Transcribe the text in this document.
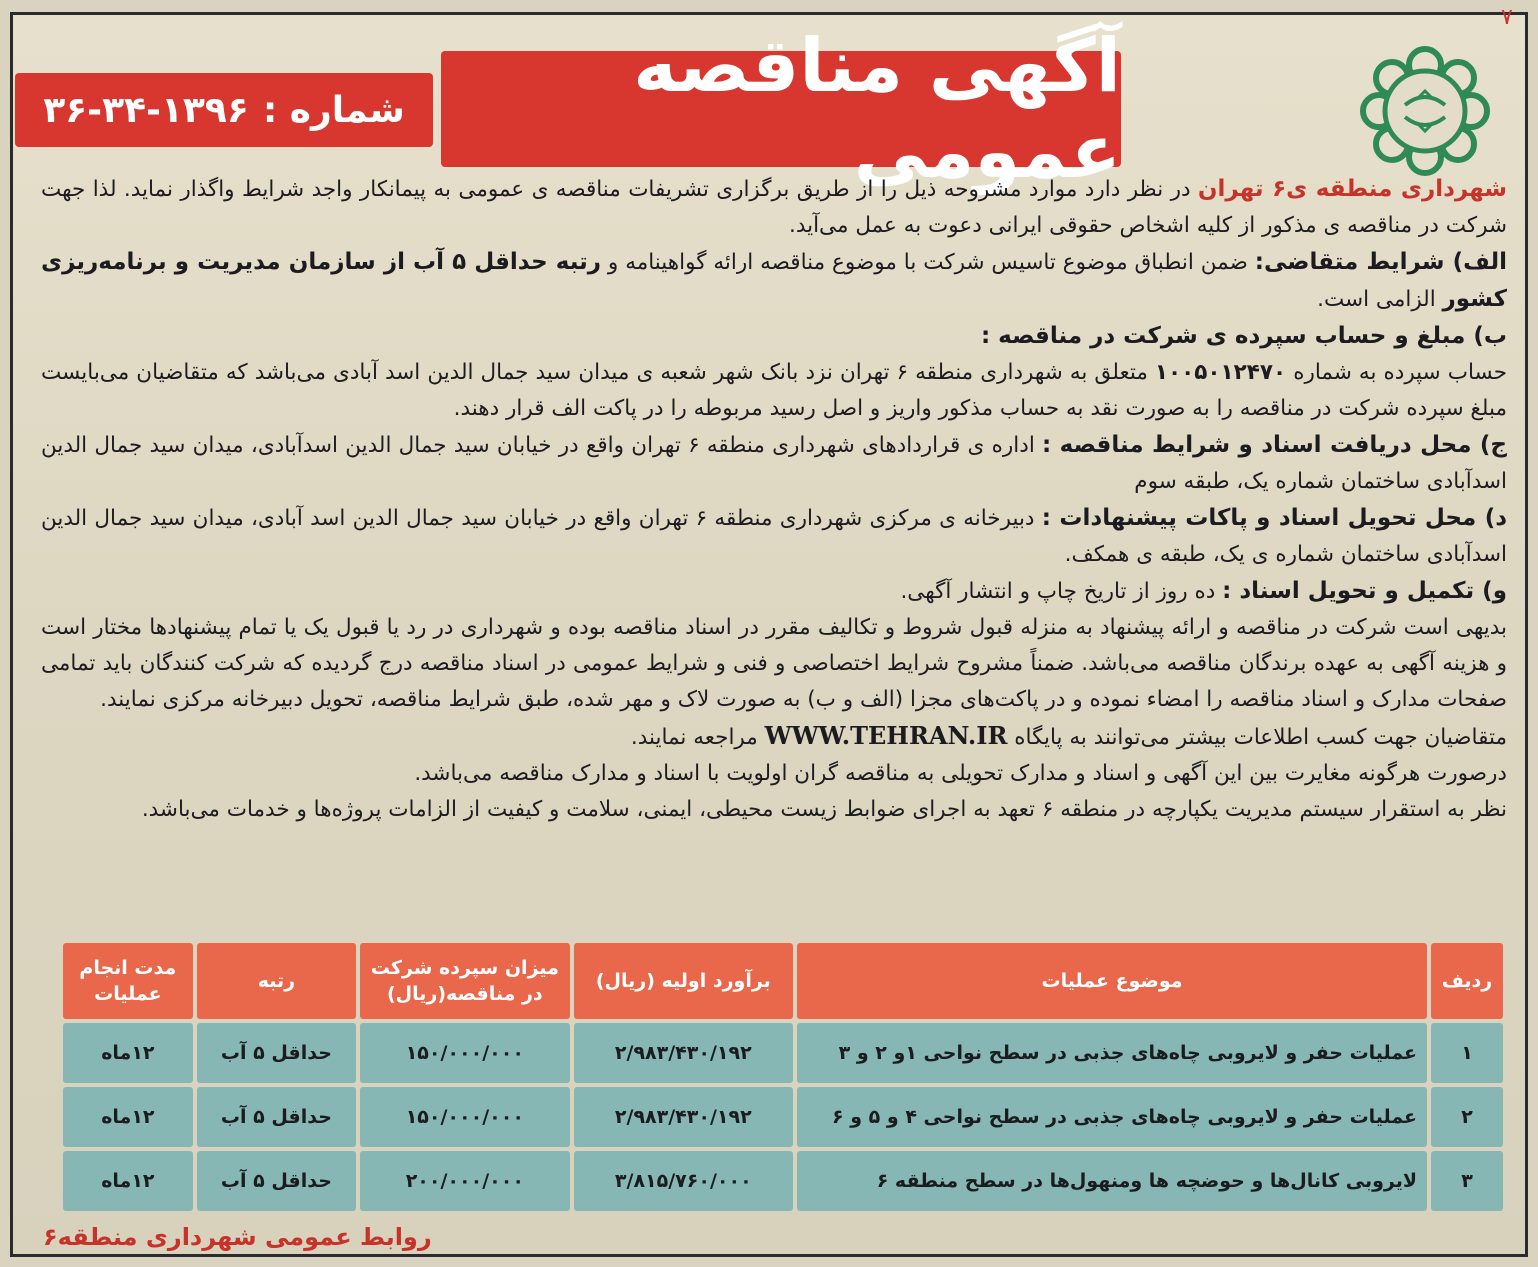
٧
شماره :
۳۶-۳۴-۱۳۹۶
آگهی مناقصه عمومی	شهرداری منطقه ی۶ تهران در نظر دارد موارد مشروحه ذیل را از طریق برگزاری تشریفات مناقصه ی عمومی به پیمانکار واجد شرایط واگذار نماید. لذا جهت شرکت در مناقصه ی مذکور از کلیه اشخاص حقوقی ایرانی دعوت به عمل می‌آید.

الف) شرایط متقاضی: ضمن انطباق موضوع تاسیس شرکت با موضوع مناقصه ارائه گواهینامه و رتبه حداقل ۵ آب از سازمان مدیریت و برنامه‌ریزی کشور الزامی است.

ب) مبلغ و حساب سپرده ی شرکت در مناقصه :
حساب سپرده به شماره ۱۰۰۵۰۱۲۴۷۰ متعلق به شهرداری منطقه ۶ تهران نزد بانک شهر شعبه ی میدان سید جمال الدین اسد آبادی می‌باشد که متقاضیان می‌بایست مبلغ سپرده شرکت در مناقصه را به صورت نقد به حساب مذکور واریز و اصل رسید مربوطه را در پاکت الف قرار دهند.

ج) محل دریافت اسناد و شرایط مناقصه : اداره ی قراردادهای شهرداری منطقه ۶ تهران واقع در خیابان سید جمال الدین اسدآبادی، میدان سید جمال الدین اسدآبادی ساختمان شماره یک، طبقه سوم

د) محل تحویل اسناد و پاکات پیشنهادات : دبیرخانه ی مرکزی شهرداری منطقه ۶ تهران واقع در خیابان سید جمال الدین اسد آبادی، میدان سید جمال الدین اسدآبادی ساختمان شماره ی یک، طبقه ی همکف.

و) تکمیل و تحویل اسناد : ده روز از تاریخ چاپ و انتشار آگهی.

بدیهی است شرکت در مناقصه و ارائه پیشنهاد به منزله قبول شروط و تکالیف مقرر در اسناد مناقصه بوده و شهرداری در رد یا قبول یک یا تمام پیشنهادها مختار است و هزینه آگهی به عهده برندگان مناقصه می‌باشد. ضمناً مشروح شرایط اختصاصی و فنی و شرایط عمومی در اسناد مناقصه درج گردیده که شرکت کنندگان باید تمامی صفحات مدارک و اسناد مناقصه را امضاء نموده و در پاکت‌های مجزا (الف و ب) به صورت لاک و مهر شده، طبق شرایط مناقصه، تحویل دبیرخانه مرکزی نمایند.

متقاضیان جهت کسب اطلاعات بیشتر می‌توانند به پایگاه WWW.TEHRAN.IR مراجعه نمایند.

درصورت هرگونه مغایرت بین این آگهی و اسناد و مدارک تحویلی به مناقصه گران اولویت با اسناد و مدارک مناقصه می‌باشد.

نظر به استقرار سیستم مدیریت یکپارچه در منطقه ۶ تعهد به اجرای ضوابط زیست محیطی، ایمنی، سلامت و کیفیت از الزامات پروژه‌ها و خدمات می‌باشد.

ردیف	موضوع عملیات	برآورد اولیه (ریال)	میزان سپرده شرکت در مناقصه(ریال)	رتبه	مدت انجام عملیات
۱	عملیات حفر و لایروبی چاه‌های جذبی در سطح نواحی ۱و ۲ و ۳	۲/۹۸۳/۴۳۰/۱۹۲	۱۵۰/۰۰۰/۰۰۰	حداقل ۵ آب	۱۲ماه
۲	عملیات حفر و لایروبی چاه‌های جذبی در سطح نواحی ۴ و ۵ و ۶	۲/۹۸۳/۴۳۰/۱۹۲	۱۵۰/۰۰۰/۰۰۰	حداقل ۵ آب	۱۲ماه
۳	لایروبی کانال‌ها و حوضچه ها ومنهول‌ها در سطح منطقه ۶	۳/۸۱۵/۷۶۰/۰۰۰	۲۰۰/۰۰۰/۰۰۰	حداقل ۵ آب	۱۲ماه
روابط عمومی شهرداری منطقه۶
